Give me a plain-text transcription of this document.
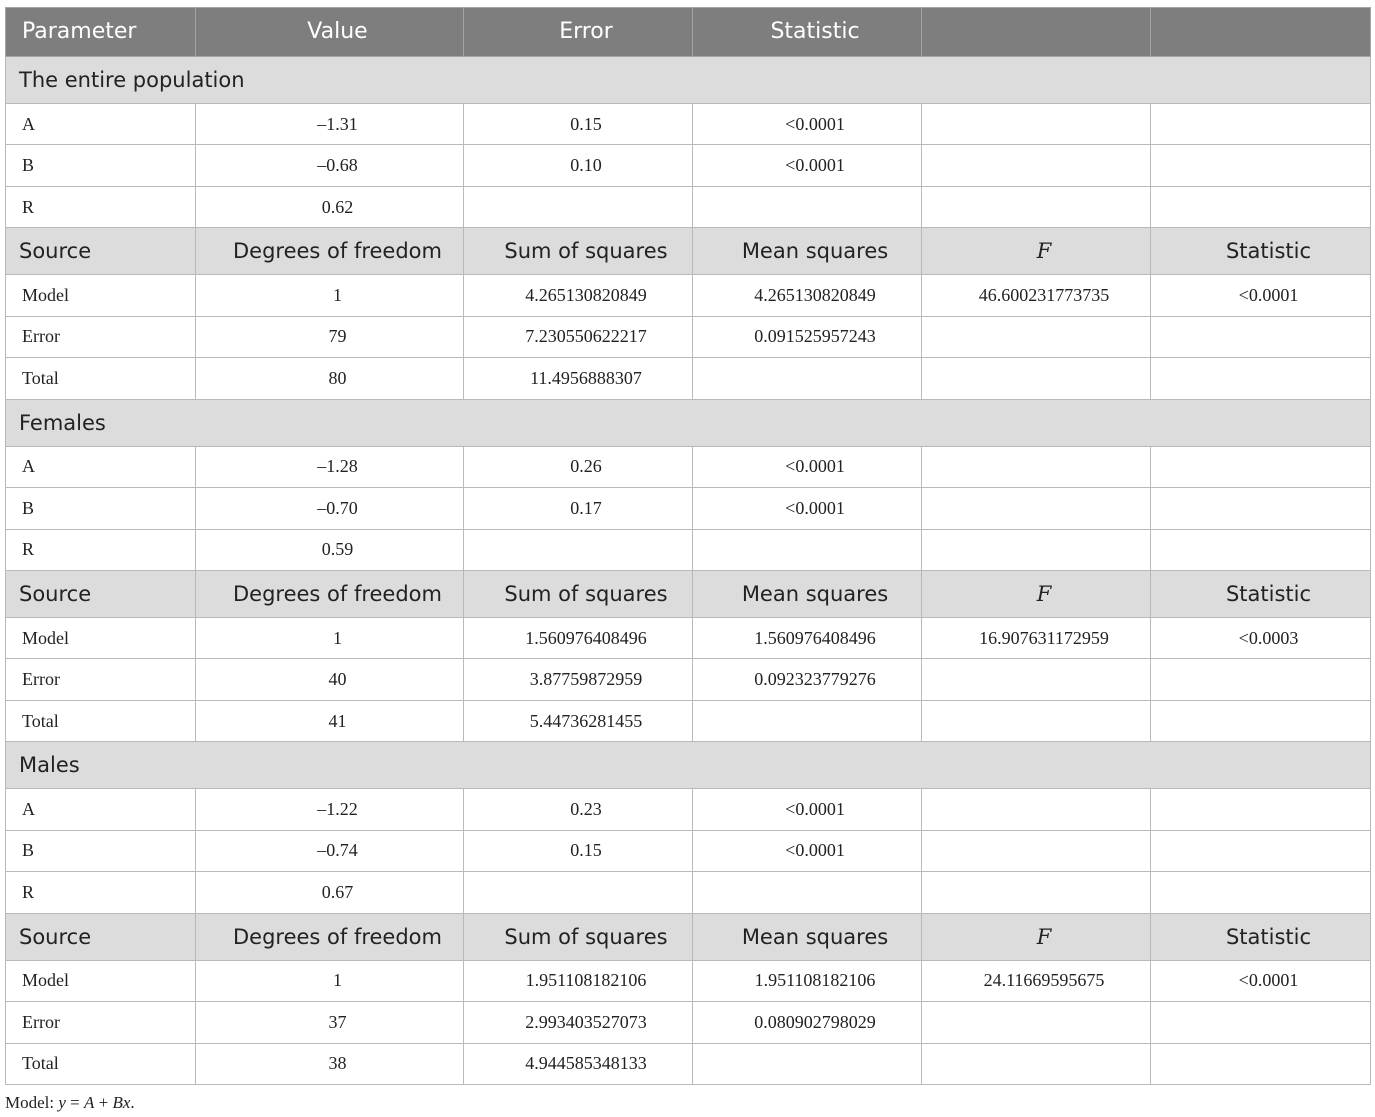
Parameter	Value	Error	Statistic		
The entire population					
A	–1.31	0.15	<0.0001		
B	–0.68	0.10	<0.0001		
R	0.62				
Source	Degrees of freedom	Sum of squares	Mean squares	F	Statistic
Model	1	4.265130820849	4.265130820849	46.600231773735	<0.0001
Error	79	7.230550622217	0.091525957243		
Total	80	11.4956888307			
Females					
A	–1.28	0.26	<0.0001		
B	–0.70	0.17	<0.0001		
R	0.59				
Source	Degrees of freedom	Sum of squares	Mean squares	F	Statistic
Model	1	1.560976408496	1.560976408496	16.907631172959	<0.0003
Error	40	3.87759872959	0.092323779276		
Total	41	5.44736281455			
Males					
A	–1.22	0.23	<0.0001		
B	–0.74	0.15	<0.0001		
R	0.67				
Source	Degrees of freedom	Sum of squares	Mean squares	F	Statistic
Model	1	1.951108182106	1.951108182106	24.11669595675	<0.0001
Error	37	2.993403527073	0.080902798029		
Total	38	4.944585348133			
Model: y = A + Bx.
